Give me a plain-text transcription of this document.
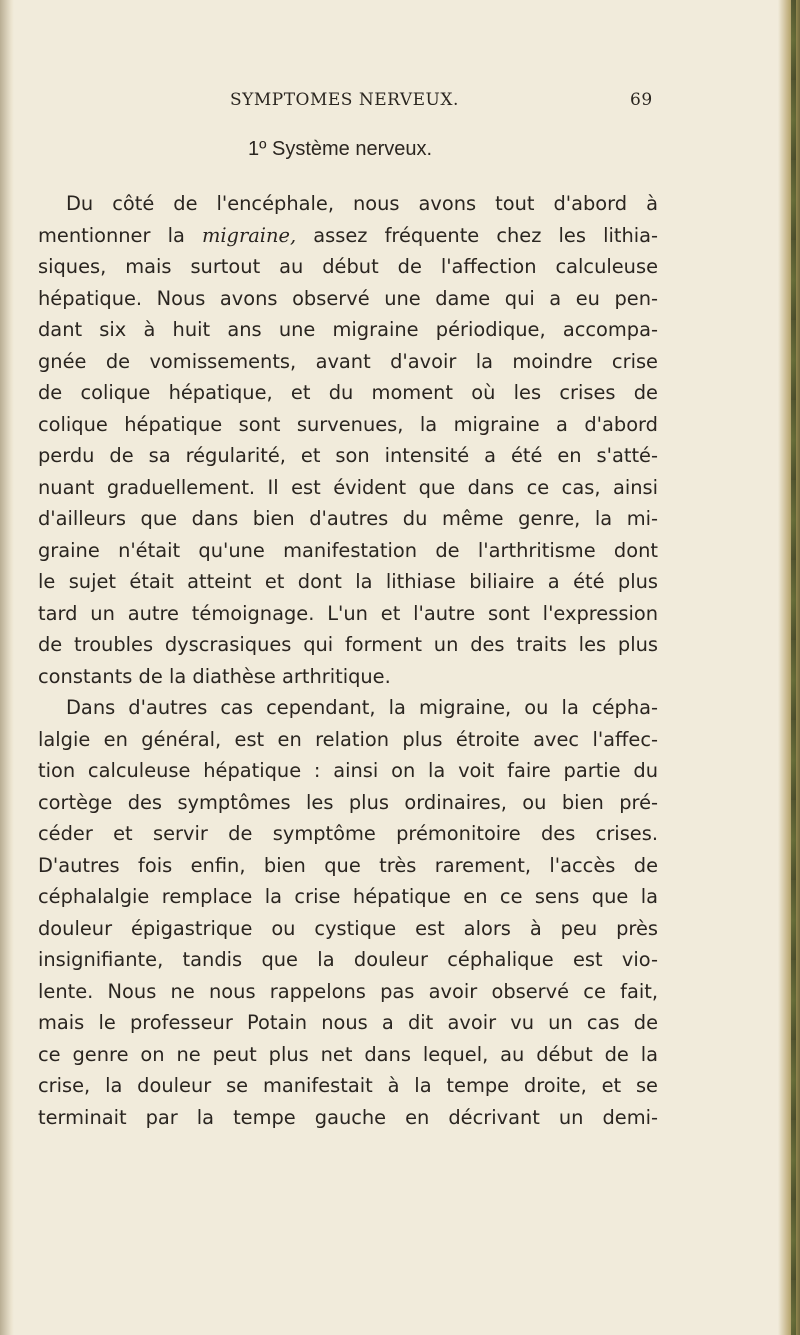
SYMPTOMES NERVEUX.	69
1º Système nerveux.
Du côté de l'encéphale, nous avons tout d'abord à
mentionner la migraine, assez fréquente chez les lithia-
siques, mais surtout au début de l'affection calculeuse
hépatique. Nous avons observé une dame qui a eu pen-
dant six à huit ans une migraine périodique, accompa-
gnée de vomissements, avant d'avoir la moindre crise
de colique hépatique, et du moment où les crises de
colique hépatique sont survenues, la migraine a d'abord
perdu de sa régularité, et son intensité a été en s'atté-
nuant graduellement. Il est évident que dans ce cas, ainsi
d'ailleurs que dans bien d'autres du même genre, la mi-
graine n'était qu'une manifestation de l'arthritisme dont
le sujet était atteint et dont la lithiase biliaire a été plus
tard un autre témoignage. L'un et l'autre sont l'expression
de troubles dyscrasiques qui forment un des traits les plus
constants de la diathèse arthritique.
Dans d'autres cas cependant, la migraine, ou la cépha-
lalgie en général, est en relation plus étroite avec l'affec-
tion calculeuse hépatique : ainsi on la voit faire partie du
cortège des symptômes les plus ordinaires, ou bien pré-
céder et servir de symptôme prémonitoire des crises.
D'autres fois enfin, bien que très rarement, l'accès de
céphalalgie remplace la crise hépatique en ce sens que la
douleur épigastrique ou cystique est alors à peu près
insignifiante, tandis que la douleur céphalique est vio-
lente. Nous ne nous rappelons pas avoir observé ce fait,
mais le professeur Potain nous a dit avoir vu un cas de
ce genre on ne peut plus net dans lequel, au début de la
crise, la douleur se manifestait à la tempe droite, et se
terminait par la tempe gauche en décrivant un demi-
